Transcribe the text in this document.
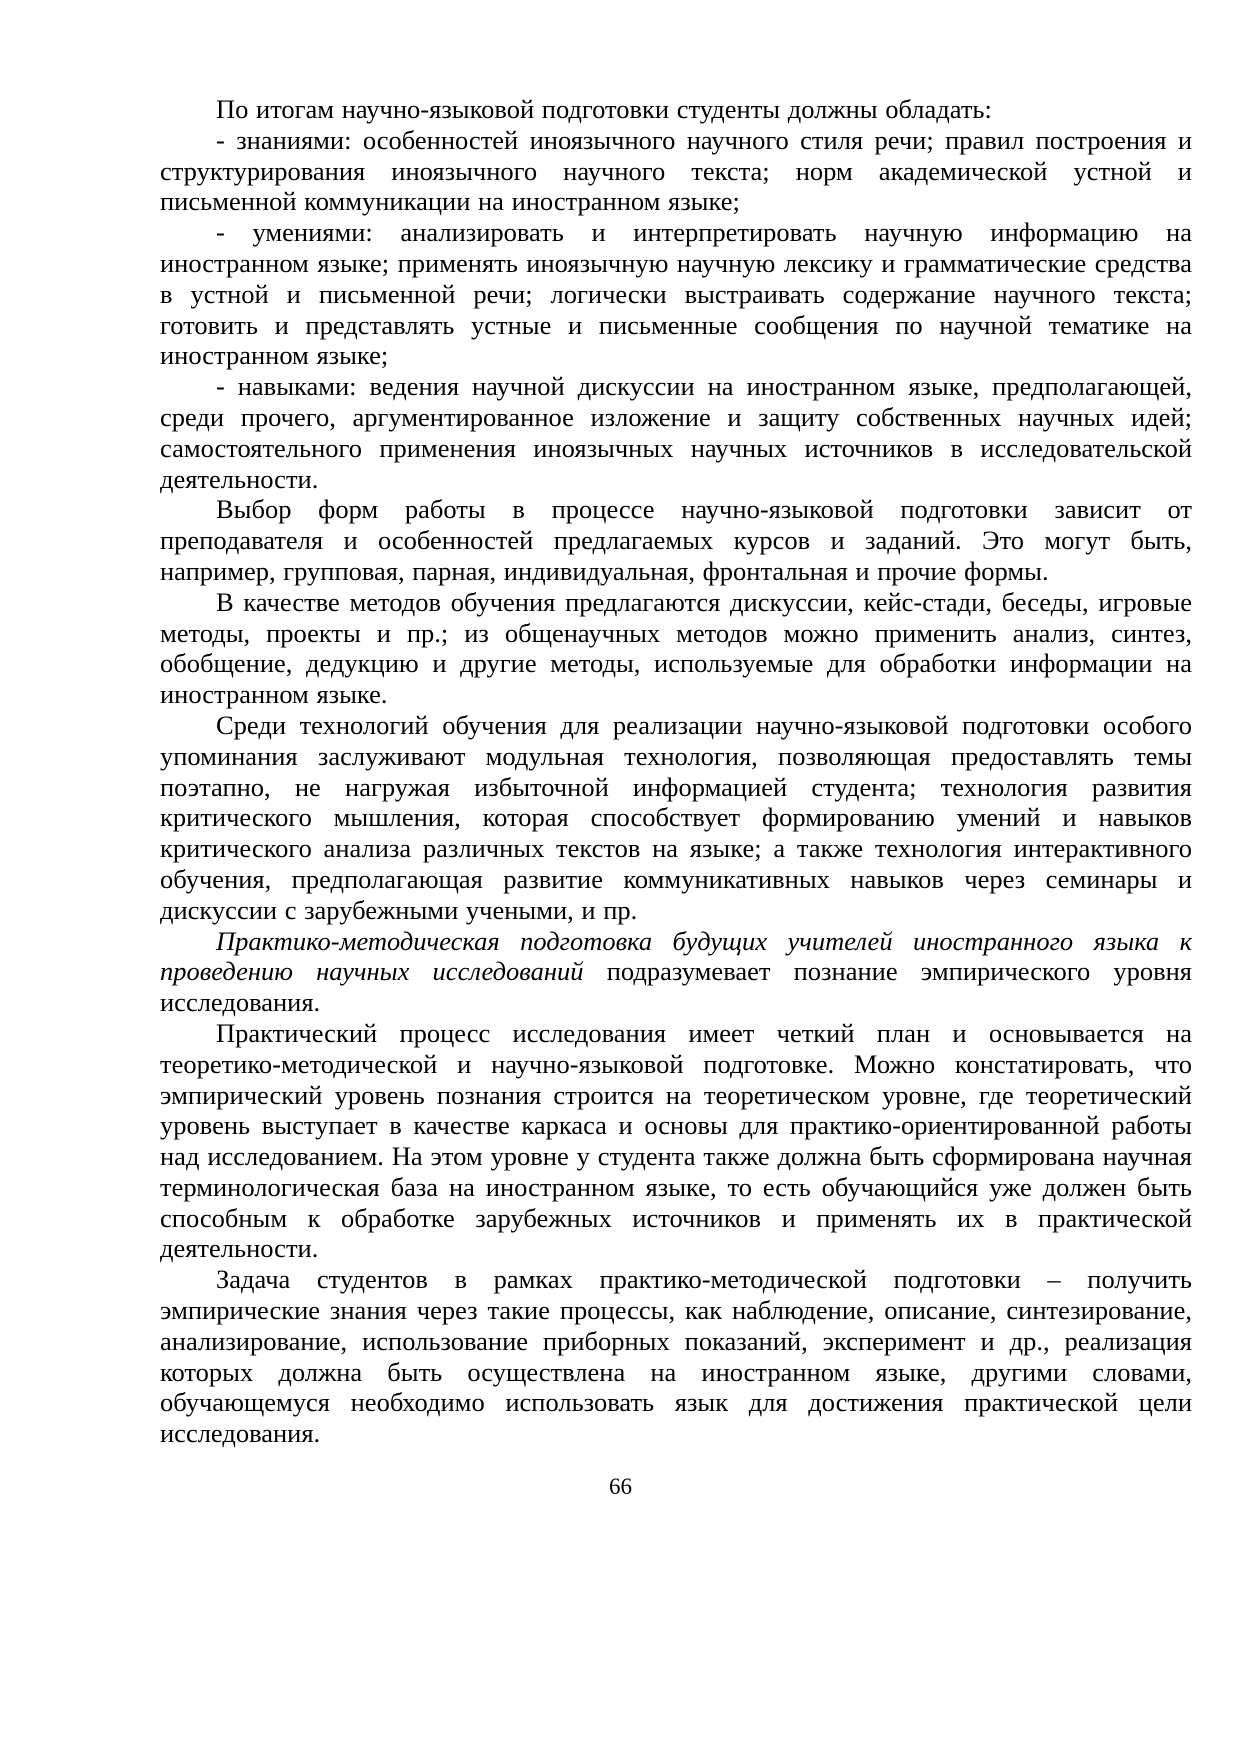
По итогам научно-языковой подготовки студенты должны обладать:

- знаниями: особенностей иноязычного научного стиля речи; правил построения и структурирования иноязычного научного текста; норм академической устной и письменной коммуникации на иностранном языке;

- умениями: анализировать и интерпретировать научную информацию на иностранном языке; применять иноязычную научную лексику и грамматические средства в устной и письменной речи; логически выстраивать содержание научного текста; готовить и представлять устные и письменные сообщения по научной тематике на иностранном языке;

- навыками: ведения научной дискуссии на иностранном языке, предполагающей, среди прочего, аргументированное изложение и защиту собственных научных идей; самостоятельного применения иноязычных научных источников в исследовательской деятельности.

Выбор форм работы в процессе научно-языковой подготовки зависит от преподавателя и особенностей предлагаемых курсов и заданий. Это могут быть, например, групповая, парная, индивидуальная, фронтальная и прочие формы.

В качестве методов обучения предлагаются дискуссии, кейс-стади, беседы, игровые методы, проекты и пр.; из общенаучных методов можно применить анализ, синтез, обобщение, дедукцию и другие методы, используемые для обработки информации на иностранном языке.

Среди технологий обучения для реализации научно-языковой подготовки особого упоминания заслуживают модульная технология, позволяющая предоставлять темы поэтапно, не нагружая избыточной информацией студента; технология развития критического мышления, которая способствует формированию умений и навыков критического анализа различных текстов на языке; а также технология интерактивного обучения, предполагающая развитие коммуникативных навыков через семинары и дискуссии с зарубежными учеными, и пр.

Практико-методическая подготовка будущих учителей иностранного языка к проведению научных исследований подразумевает познание эмпирического уровня исследования.

Практический процесс исследования имеет четкий план и основывается на теоретико-методической и научно-языковой подготовке. Можно констатировать, что эмпирический уровень познания строится на теоретическом уровне, где теоретический уровень выступает в качестве каркаса и основы для практико-ориентированной работы над исследованием. На этом уровне у студента также должна быть сформирована научная терминологическая база на иностранном языке, то есть обучающийся уже должен быть способным к обработке зарубежных источников и применять их в практической деятельности.

Задача студентов в рамках практико-методической подготовки – получить эмпирические знания через такие процессы, как наблюдение, описание, синтезирование, анализирование, использование приборных показаний, эксперимент и др., реализация которых должна быть осуществлена на иностранном языке, другими словами, обучающемуся необходимо использовать язык для достижения практической цели исследования.

66
